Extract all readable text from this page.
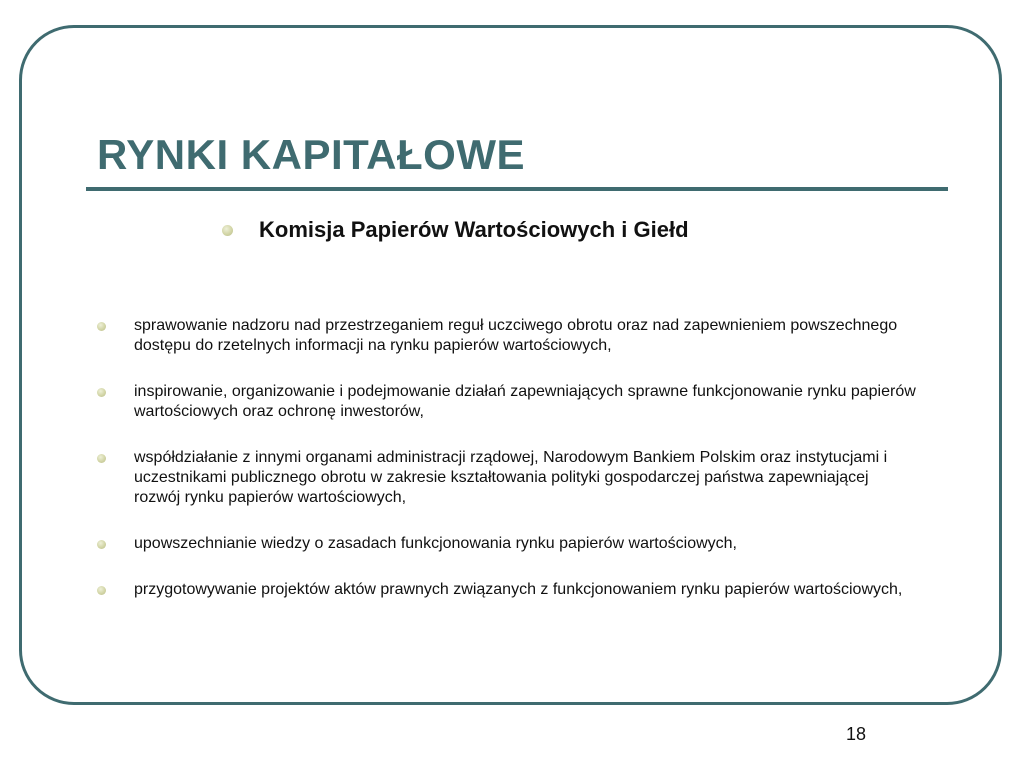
RYNKI KAPITAŁOWE
Komisja Papierów Wartościowych i Giełd
sprawowanie nadzoru nad przestrzeganiem reguł uczciwego obrotu oraz nad zapewnieniem powszechnego dostępu do rzetelnych informacji na rynku papierów wartościowych,
inspirowanie, organizowanie i podejmowanie działań zapewniających sprawne funkcjonowanie rynku papierów wartościowych oraz ochronę inwestorów,
współdziałanie z innymi organami administracji rządowej, Narodowym Bankiem Polskim oraz instytucjami i uczestnikami publicznego obrotu w zakresie kształtowania polityki gospodarczej państwa zapewniającej rozwój rynku papierów wartościowych,
upowszechnianie wiedzy o zasadach funkcjonowania rynku papierów wartościowych,
przygotowywanie projektów aktów prawnych związanych z funkcjonowaniem rynku papierów wartościowych,
18
